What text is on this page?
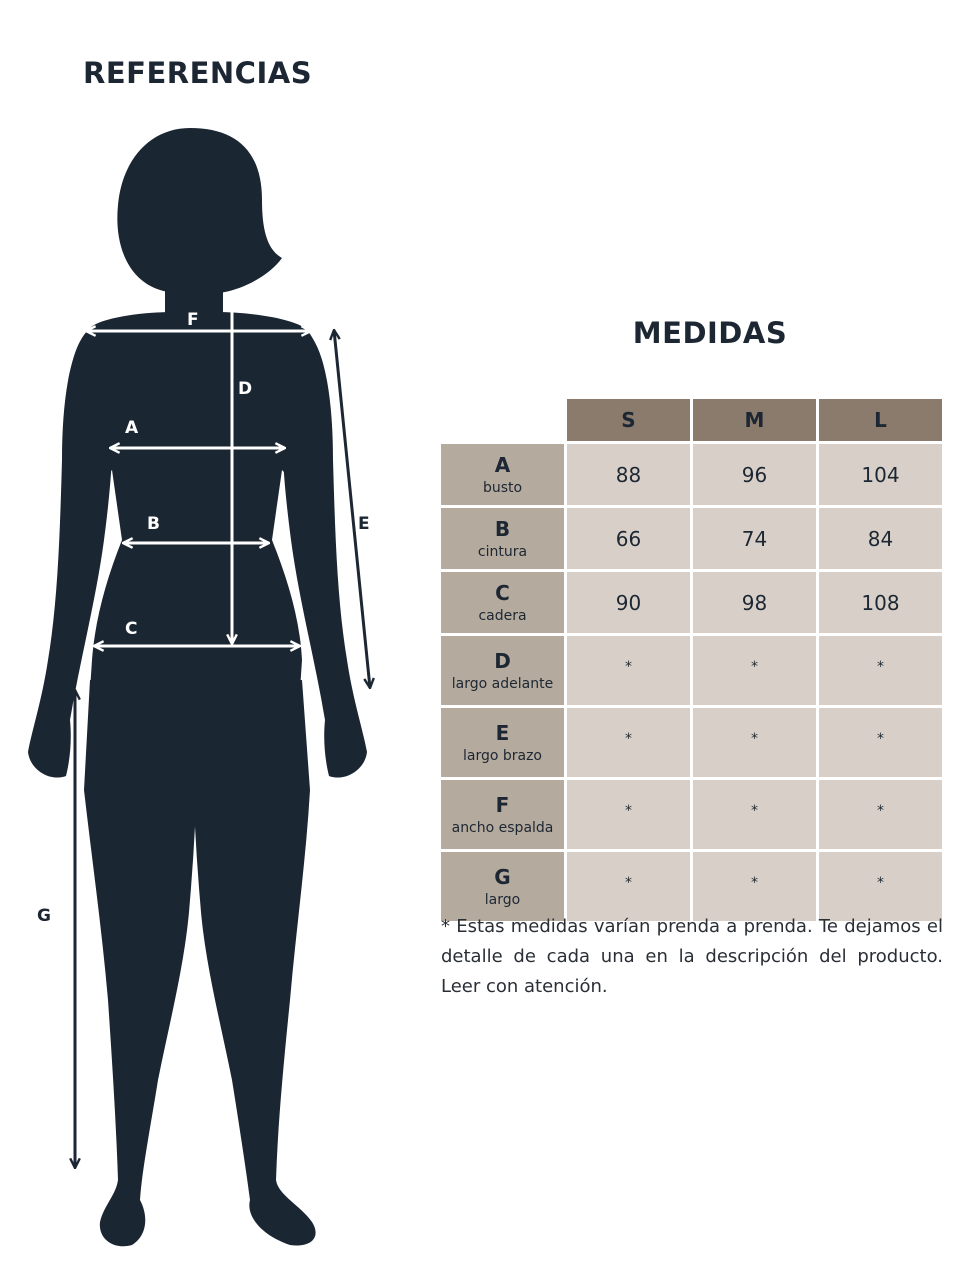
REFERENCIAS
F
D
A
B
C
E
G
MEDIDAS
	S	M	L

A
busto	88	96	104

B
cintura	66	74	84

C
cadera	90	98	108

D
largo adelante	*	*	*

E
largo brazo	*	*	*

F
ancho espalda	*	*	*

G
largo	*	*	*

* Estas medidas varían prenda a prenda. Te dejamos el detalle de cada una en la descripción del producto. Leer con atención.
